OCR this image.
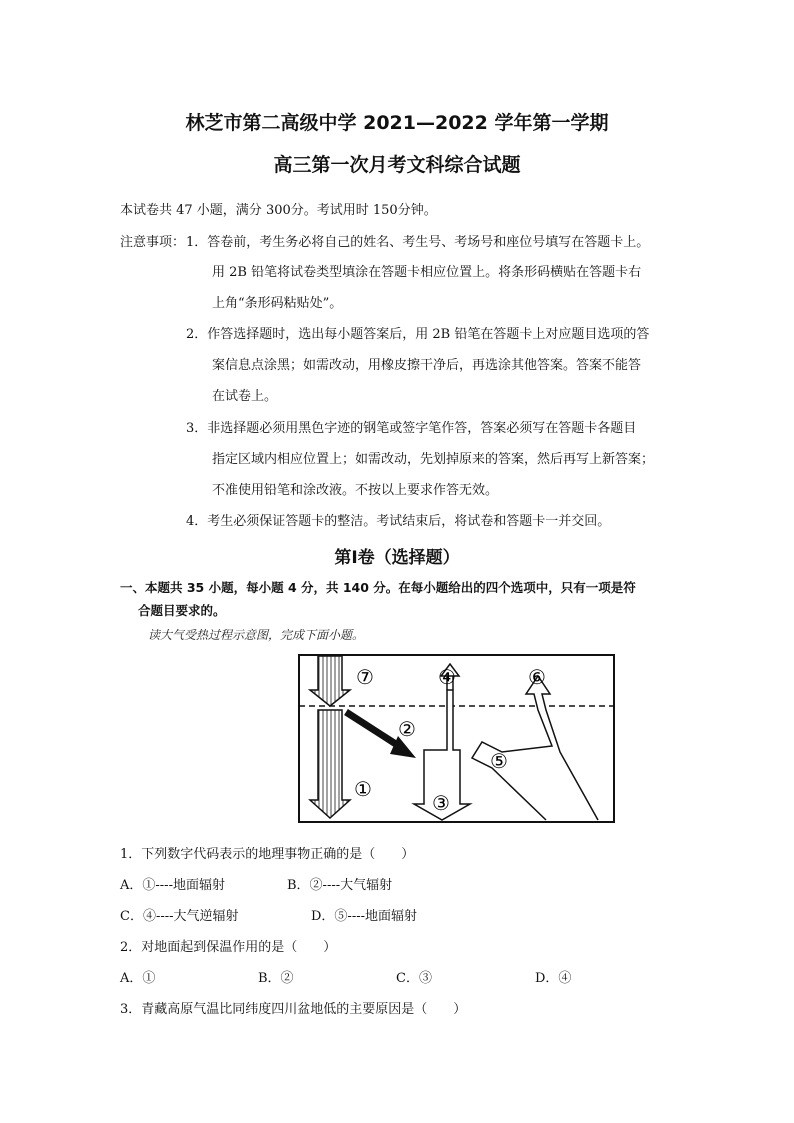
林芝市第二高级中学 2021—2022 学年第一学期
高三第一次月考文科综合试题
本试卷共 47 小题，满分 300分。考试用时 150分钟。
注意事项： 1．答卷前，考生务必将自己的姓名、考生号、考场号和座位号填写在答题卡上。
用 2B 铅笔将试卷类型填涂在答题卡相应位置上。将条形码横贴在答题卡右
上角“条形码粘贴处”。
2．作答选择题时，选出每小题答案后，用 2B 铅笔在答题卡上对应题目选项的答
案信息点涂黑；如需改动，用橡皮擦干净后，再选涂其他答案。答案不能答
在试卷上。
3．非选择题必须用黑色字迹的钢笔或签字笔作答，答案必须写在答题卡各题目
指定区域内相应位置上；如需改动，先划掉原来的答案，然后再写上新答案；
不准使用铅笔和涂改液。不按以上要求作答无效。
4．考生必须保证答题卡的整洁。考试结束后，将试卷和答题卡一并交回。
第Ⅰ卷（选择题）
一、本题共 35 小题，每小题 4 分，共 140 分。在每小题给出的四个选项中，只有一项是符
合题目要求的。
读大气受热过程示意图，完成下面小题。
⑦	④	⑥
②
⑤
①
③
1．下列数字代码表示的地理事物正确的是（　　）
A．①----地面辐射	B．②----大气辐射
C．④----大气逆辐射	D．⑤----地面辐射
2．对地面起到保温作用的是（　　）
A．①	B．②	C．③	D．④
3．青藏高原气温比同纬度四川盆地低的主要原因是（　　）
